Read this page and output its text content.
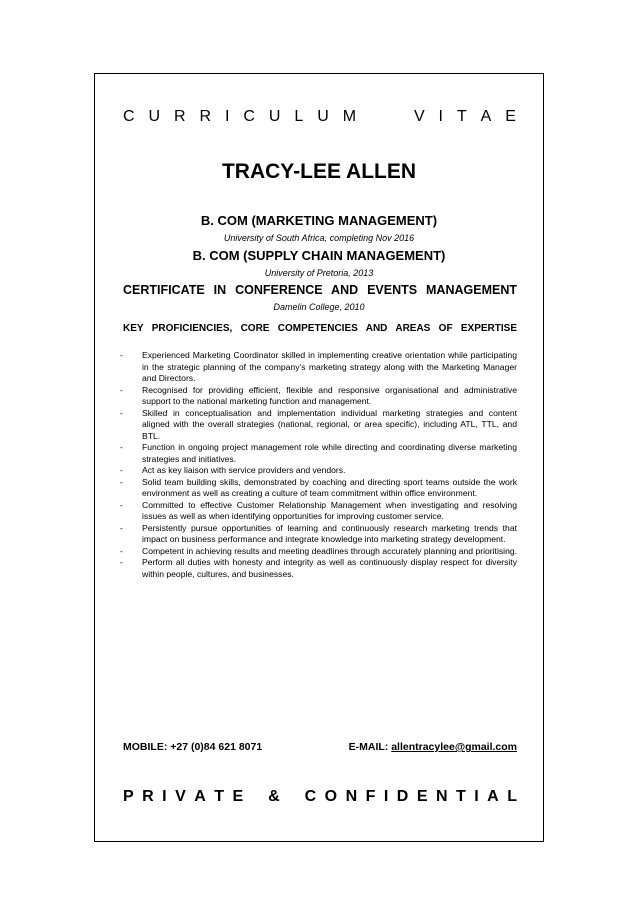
C U R R I C U L U M	V I T A E
TRACY-LEE ALLEN

B. COM (MARKETING MANAGEMENT)

University of South Africa, completing Nov 2016

B. COM (SUPPLY CHAIN MANAGEMENT)

University of Pretoria, 2013

CERTIFICATE IN CONFERENCE AND EVENTS MANAGEMENT

Damelin College, 2010

KEY PROFICIENCIES, CORE COMPETENCIES AND AREAS OF EXPERTISE

- Experienced Marketing Coordinator skilled in implementing creative orientation while participating in the strategic planning of the company’s marketing strategy along with the Marketing Manager and Directors.
- Recognised for providing efficient, flexible and responsive organisational and administrative support to the national marketing function and management.
- Skilled in conceptualisation and implementation individual marketing strategies and content aligned with the overall strategies (national, regional, or area specific), including ATL, TTL, and BTL.
- Function in ongoing project management role while directing and coordinating diverse marketing strategies and initiatives.
- Act as key liaison with service providers and vendors.
- Solid team building skills, demonstrated by coaching and directing sport teams outside the work environment as well as creating a culture of team commitment within office environment.
- Committed to effective Customer Relationship Management when investigating and resolving issues as well as when identifying opportunities for improving customer service.
- Persistently pursue opportunities of learning and continuously research marketing trends that impact on business performance and integrate knowledge into marketing strategy development.
- Competent in achieving results and meeting deadlines through accurately planning and prioritising.
- Perform all duties with honesty and integrity as well as continuously display respect for diversity within people, cultures, and businesses.
MOBILE: +27 (0)84 621 8071	E-MAIL: allentracylee@gmail.com
P R I V A T E & C O N F I D E N T I A L
